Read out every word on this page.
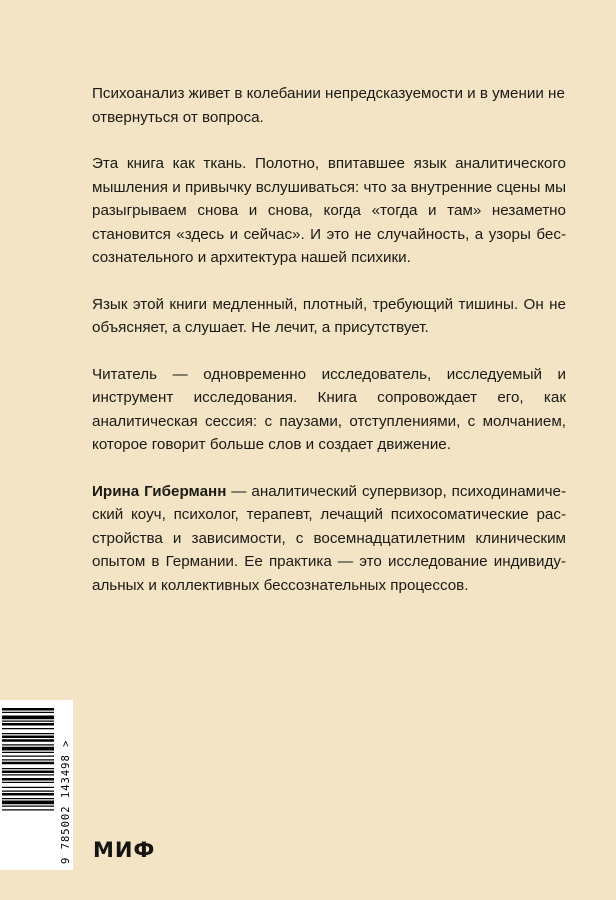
Психоанализ живет в колебании непредсказуемости и в умении не отвернуться от вопроса.

Эта книга как ткань. Полотно, впитавшее язык аналитического мышления и привычку вслушиваться: что за внутренние сцены мы разыгрываем снова и снова, когда «тогда и там» незаметно становится «здесь и сейчас». И это не случайность, а узоры бессознательного и архитектура нашей психики.

Язык этой книги медленный, плотный, требующий тишины. Он не объясняет, а слушает. Не лечит, а присутствует.

Читатель — одновременно исследователь, исследуемый и инструмент исследования. Книга сопровождает его, как аналитическая сессия: с паузами, отступлениями, с молчанием, которое говорит больше слов и создает движение.

Ирина Гиберманн — аналитический супервизор, психодинамический коуч, психолог, терапевт, лечащий психосоматические расстройства и зависимости, с восемнадцатилетним клиническим опытом в Германии. Ее практика — это исследование индивидуальных и коллективных бессознательных процессов.

9 785002 143498 > МИФ
